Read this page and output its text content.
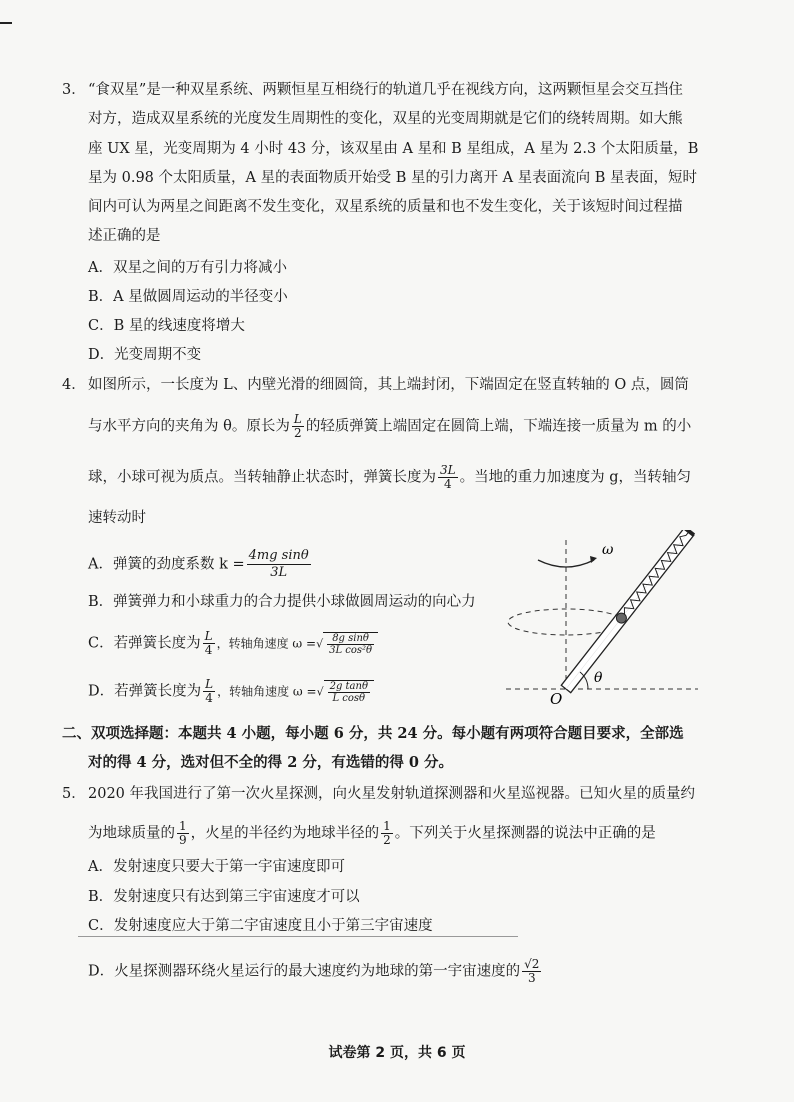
3． “食双星”是一种双星系统、两颗恒星互相绕行的轨道几乎在视线方向，这两颗恒星会交互挡住
对方，造成双星系统的光度发生周期性的变化，双星的光变周期就是它们的绕转周期。如大熊
座 UX 星，光变周期为 4 小时 43 分，该双星由 A 星和 B 星组成，A 星为 2.3 个太阳质量，B
星为 0.98 个太阳质量，A 星的表面物质开始受 B 星的引力离开 A 星表面流向 B 星表面，短时
间内可认为两星之间距离不发生变化，双星系统的质量和也不发生变化，关于该短时间过程描
述正确的是
A．双星之间的万有引力将减小
B．A 星做圆周运动的半径变小
C．B 星的线速度将增大
D．光变周期不变
4． 如图所示，一长度为 L、内壁光滑的细圆筒，其上端封闭，下端固定在竖直转轴的 O 点，圆筒
与水平方向的夹角为 θ。原长为 $\frac{L}{2}$ 的轻质弹簧上端固定在圆筒上端，下端连接一质量为 m 的小
球，小球可视为质点。当转轴静止状态时，弹簧长度为 $\frac{3L}{4}$ 。当地的重力加速度为 g，当转轴匀
速转动时
A．弹簧的劲度系数 $k = \frac{\text{4mg sinθ}}{3L}$
B．弹簧弹力和小球重力的合力提供小球做圆周运动的向心力
C．若弹簧长度为 $\frac{L}{4}$ ，转轴角速度 ω =√ $\frac{\text{8g sinθ}}{\text{3L cos²θ}}$
D．若弹簧长度为 $\frac{L}{4}$ ，转轴角速度 ω =√ $\frac{\text{2g tanθ}}{\text{L cosθ}}$
ω
θ
O
二、双项选择题：本题共 4 小题，每小题 6 分，共 24 分。每小题有两项符合题目要求，全部选
对的得 4 分，选对但不全的得 2 分，有选错的得 0 分。
5． 2020 年我国进行了第一次火星探测，向火星发射轨道探测器和火星巡视器。已知火星的质量约
为地球质量的 $\frac{1}{9}$ ，火星的半径约为地球半径的 $\frac{1}{2}$ 。下列关于火星探测器的说法中正确的是
A．发射速度只要大于第一宇宙速度即可
B．发射速度只有达到第三宇宙速度才可以
C．发射速度应大于第二宇宙速度且小于第三宇宙速度
D．火星探测器环绕火星运行的最大速度约为地球的第一宇宙速度的 $\frac{√2}{3}$
试卷第 2 页，共 6 页
